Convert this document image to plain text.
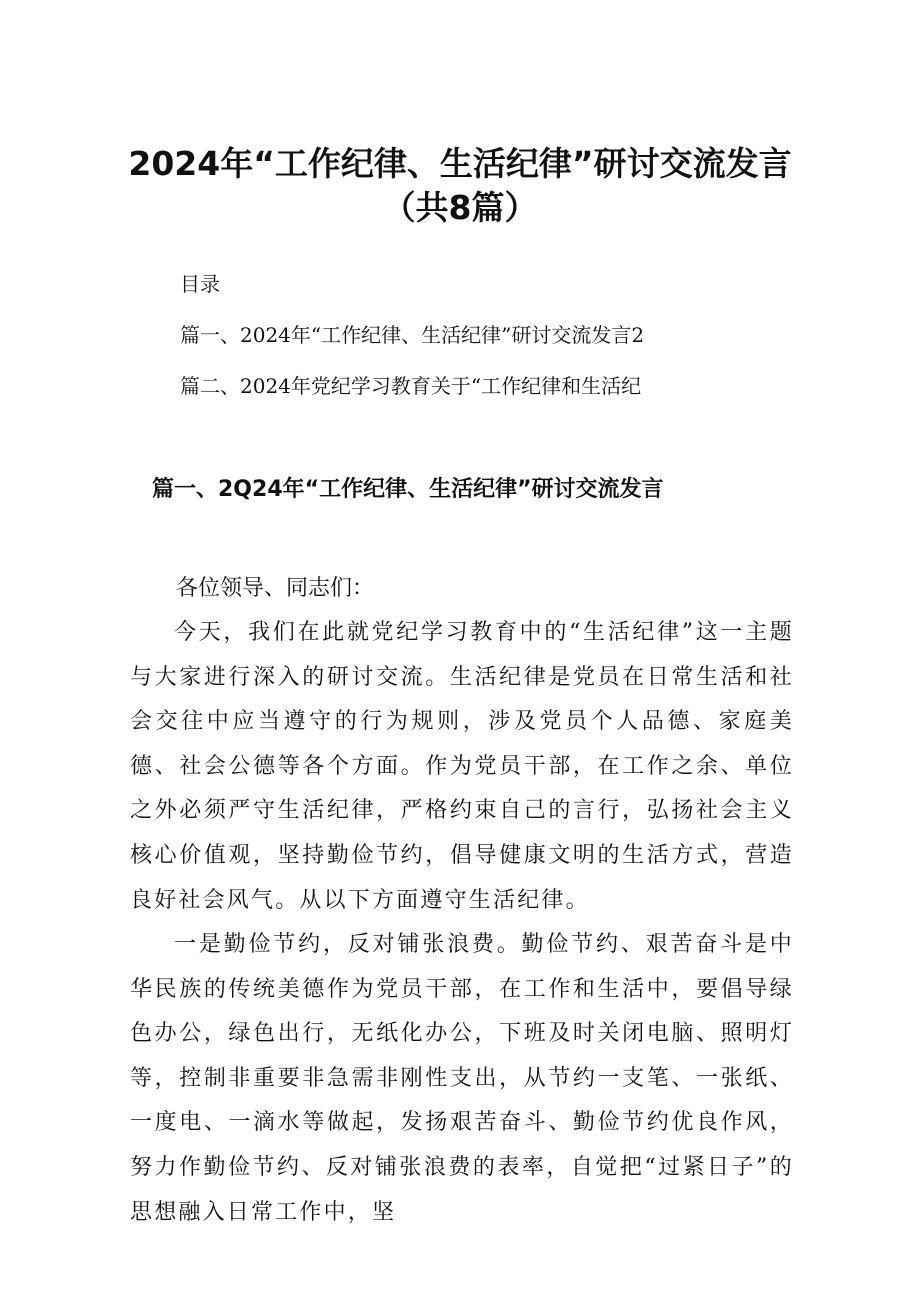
2024年“工作纪律、生活纪律”研讨交流发言
（共8篇）
目录
篇一、2024年“工作纪律、生活纪律”研讨交流发言2
篇二、2024年党纪学习教育关于“工作纪律和生活纪
篇一、2Q24年“工作纪律、生活纪律”研讨交流发言
各位领导、同志们：
今天，我们在此就党纪学习教育中的“生活纪律”这一主题与大家进行深入的研讨交流。生活纪律是党员在日常生活和社会交往中应当遵守的行为规则，涉及党员个人品德、家庭美德、社会公德等各个方面。作为党员干部，在工作之余、单位之外必须严守生活纪律，严格约束自己的言行，弘扬社会主义核心价值观，坚持勤俭节约，倡导健康文明的生活方式，营造良好社会风气。从以下方面遵守生活纪律。
一是勤俭节约，反对铺张浪费。勤俭节约、艰苦奋斗是中华民族的传统美德作为党员干部，在工作和生活中，要倡导绿色办公，绿色出行，无纸化办公，下班及时关闭电脑、照明灯等，控制非重要非急需非刚性支出，从节约一支笔、一张纸、一度电、一滴水等做起，发扬艰苦奋斗、勤俭节约优良作风，努力作勤俭节约、反对铺张浪费的表率，自觉把“过紧日子”的思想融入日常工作中，坚
